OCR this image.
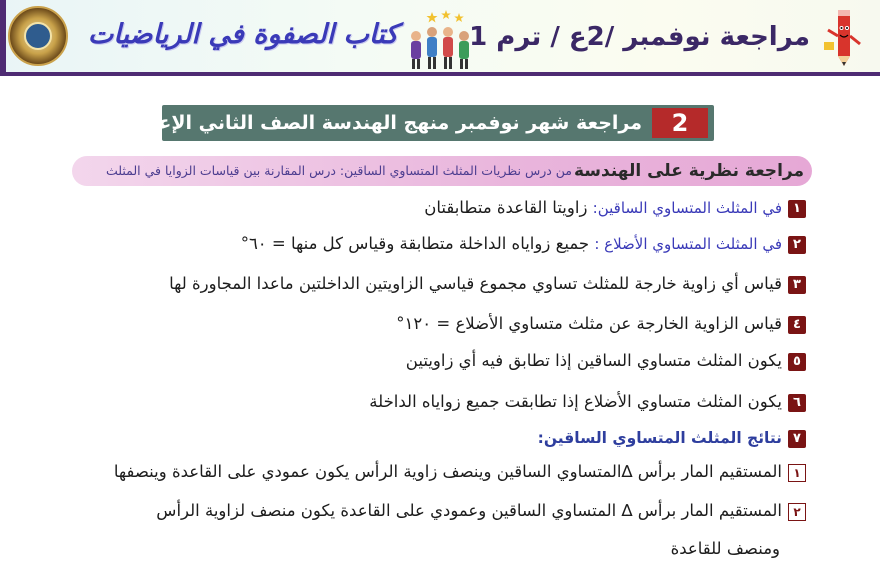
كتاب الصفوة في الرياضيات	مراجعة نوفمبر /2ع / ترم 1
مراجعة شهر نوفمبر منهج الهندسة الصف الثاني الإعدادي	2
من درس نظريات المثلث المتساوي الساقين: درس المقارنة بين قياسات الزوايا في المثلث مراجعة نظرية على الهندسة
١في المثلث المتساوي الساقين: زاويتا القاعدة متطابقتان
٢في المثلث المتساوي الأضلاع : جميع زواياه الداخلة متطابقة وقياس كل منها = ٦٠°
٣قياس أي زاوية خارجة للمثلث تساوي مجموع قياسي الزاويتين الداخلتين ماعدا المجاورة لها
٤قياس الزاوية الخارجة عن مثلث متساوي الأضلاع = ١٢٠°
٥يكون المثلث متساوي الساقين إذا تطابق فيه أي زاويتين
٦يكون المثلث متساوي الأضلاع إذا تطابقت جميع زواياه الداخلة
٧نتائج المثلث المتساوي الساقين:
١المستقيم المار برأس ∆المتساوي الساقين وينصف زاوية الرأس يكون عمودي على القاعدة وينصفها
٢المستقيم المار برأس ∆ المتساوي الساقين وعمودي على القاعدة يكون منصف لزاوية الرأس
ومنصف للقاعدة
